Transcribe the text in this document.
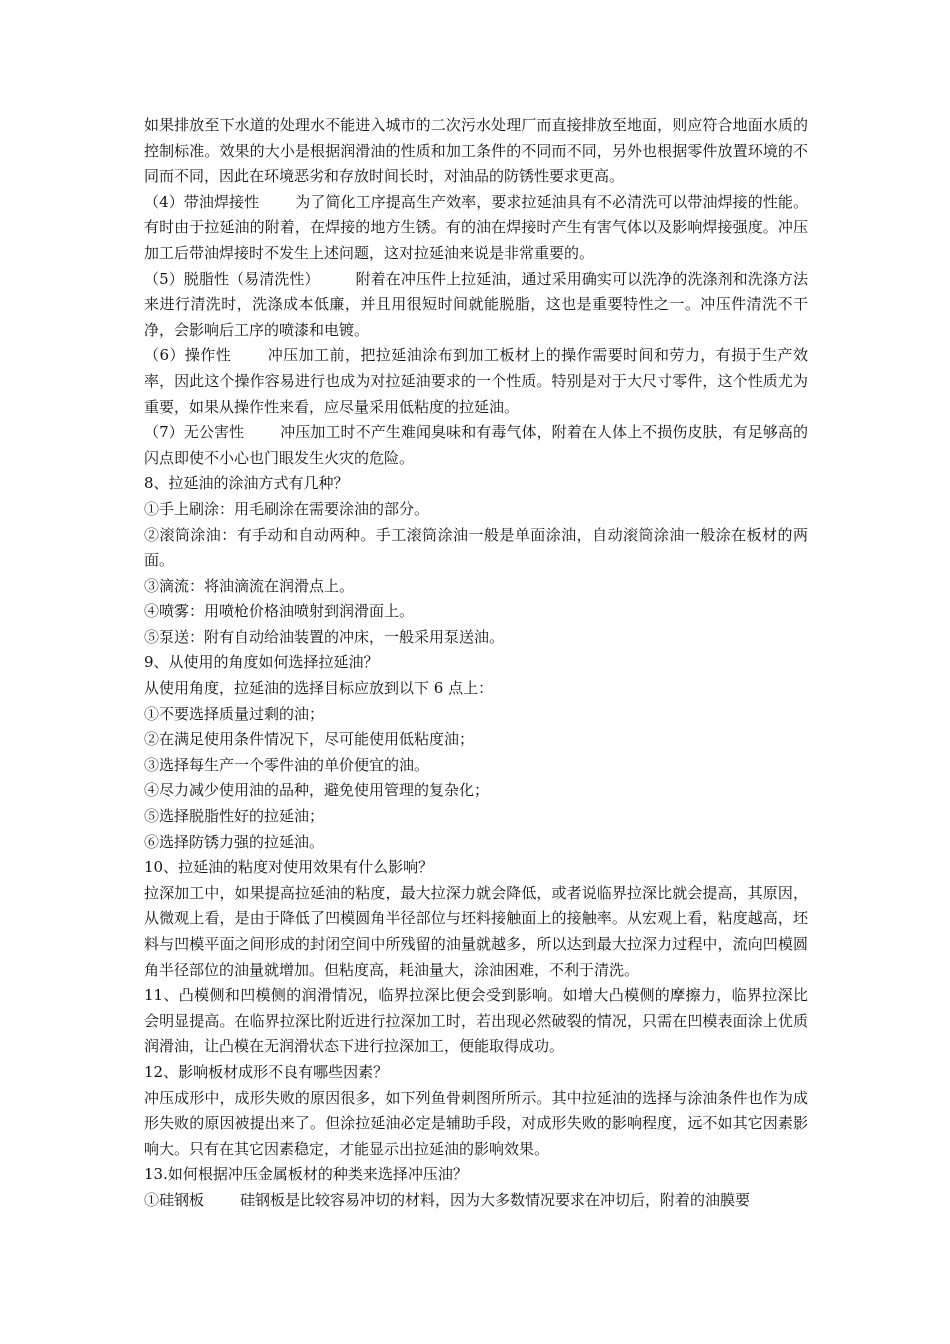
如果排放至下水道的处理水不能进入城市的二次污水处理厂而直接排放至地面，则应符合地面水质的控制标准。效果的大小是根据润滑油的性质和加工条件的不同而不同，另外也根据零件放置环境的不同而不同，因此在环境恶劣和存放时间长时，对油品的防锈性要求更高。

（4）带油焊接性 为了简化工序提高生产效率，要求拉延油具有不必清洗可以带油焊接的性能。有时由于拉延油的附着，在焊接的地方生锈。有的油在焊接时产生有害气体以及影响焊接强度。冲压加工后带油焊接时不发生上述问题，这对拉延油来说是非常重要的。

（5）脱脂性（易清洗性） 附着在冲压件上拉延油，通过采用确实可以洗净的洗涤剂和洗涤方法来进行清洗时，洗涤成本低廉，并且用很短时间就能脱脂，这也是重要特性之一。冲压件清洗不干净，会影响后工序的喷漆和电镀。

（6）操作性 冲压加工前，把拉延油涂布到加工板材上的操作需要时间和劳力，有损于生产效率，因此这个操作容易进行也成为对拉延油要求的一个性质。特别是对于大尺寸零件，这个性质尤为重要，如果从操作性来看，应尽量采用低粘度的拉延油。

（7）无公害性 冲压加工时不产生难闻臭味和有毒气体，附着在人体上不损伤皮肤，有足够高的闪点即使不小心也门眼发生火灾的危险。

8、拉延油的涂油方式有几种？

①手上刷涂：用毛刷涂在需要涂油的部分。

②滚筒涂油：有手动和自动两种。手工滚筒涂油一般是单面涂油，自动滚筒涂油一般涂在板材的两面。

③滴流：将油滴流在润滑点上。

④喷雾：用喷枪价格油喷射到润滑面上。

⑤泵送：附有自动给油装置的冲床，一般采用泵送油。

9、从使用的角度如何选择拉延油？

从使用角度，拉延油的选择目标应放到以下 6 点上：

①不要选择质量过剩的油；

②在满足使用条件情况下，尽可能使用低粘度油；

③选择每生产一个零件油的单价便宜的油。

④尽力减少使用油的品种，避免使用管理的复杂化；

⑤选择脱脂性好的拉延油；

⑥选择防锈力强的拉延油。

10、拉延油的粘度对使用效果有什么影响？

拉深加工中，如果提高拉延油的粘度，最大拉深力就会降低，或者说临界拉深比就会提高，其原因，从微观上看，是由于降低了凹模圆角半径部位与坯料接触面上的接触率。从宏观上看，粘度越高，坯料与凹模平面之间形成的封闭空间中所残留的油量就越多，所以达到最大拉深力过程中，流向凹模圆角半径部位的油量就增加。但粘度高，耗油量大，涂油困难，不利于清洗。

11、凸模侧和凹模侧的润滑情况，临界拉深比便会受到影响。如增大凸模侧的摩擦力，临界拉深比会明显提高。在临界拉深比附近进行拉深加工时，若出现必然破裂的情况，只需在凹模表面涂上优质润滑油，让凸模在无润滑状态下进行拉深加工，便能取得成功。

12、影响板材成形不良有哪些因素？

冲压成形中，成形失败的原因很多，如下列鱼骨刺图所所示。其中拉延油的选择与涂油条件也作为成形失败的原因被提出来了。但涂拉延油必定是辅助手段，对成形失败的影响程度，远不如其它因素影响大。只有在其它因素稳定，才能显示出拉延油的影响效果。

13.如何根据冲压金属板材的种类来选择冲压油？

①硅钢板 硅钢板是比较容易冲切的材料，因为大多数情况要求在冲切后，附着的油膜要
